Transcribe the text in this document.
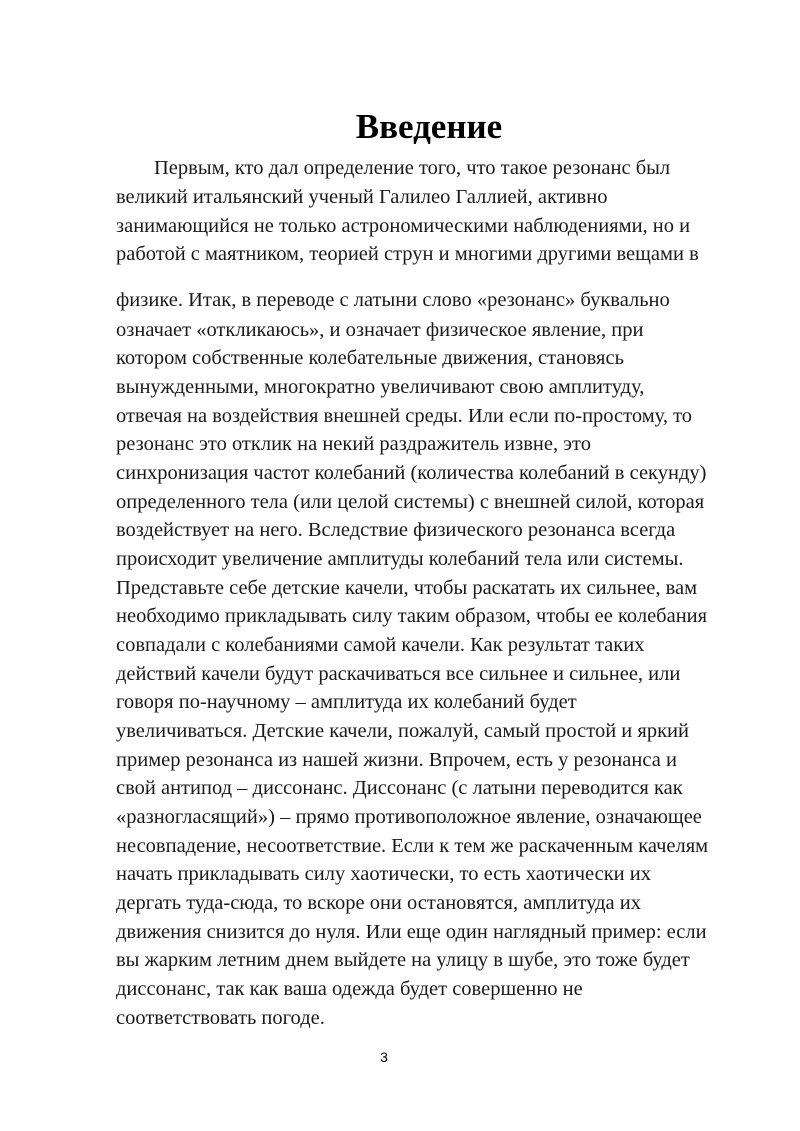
Введение

Первым, кто дал определение того, что такое резонанс был

великий итальянский ученый Галилео Галлией, активно

занимающийся не только астрономическими наблюдениями, но и

работой с маятником, теорией струн и многими другими вещами в

физике. Итак, в переводе с латыни слово «резонанс» буквально

означает «откликаюсь», и означает физическое явление, при

котором собственные колебательные движения, становясь

вынужденными, многократно увеличивают свою амплитуду,

отвечая на воздействия внешней среды. Или если по-простому, то

резонанс это отклик на некий раздражитель извне, это

синхронизация частот колебаний (количества колебаний в секунду)

определенного тела (или целой системы) с внешней силой, которая

воздействует на него. Вследствие физического резонанса всегда

происходит увеличение амплитуды колебаний тела или системы.

Представьте себе детские качели, чтобы раскатать их сильнее, вам

необходимо прикладывать силу таким образом, чтобы ее колебания

совпадали с колебаниями самой качели. Как результат таких

действий качели будут раскачиваться все сильнее и сильнее, или

говоря по-научному – амплитуда их колебаний будет

увеличиваться. Детские качели, пожалуй, самый простой и яркий

пример резонанса из нашей жизни. Впрочем, есть у резонанса и

свой антипод – диссонанс. Диссонанс (с латыни переводится как

«разногласящий») – прямо противоположное явление, означающее

несовпадение, несоответствие. Если к тем же раскаченным качелям

начать прикладывать силу хаотически, то есть хаотически их

дергать туда-сюда, то вскоре они остановятся, амплитуда их

движения снизится до нуля. Или еще один наглядный пример: если

вы жарким летним днем выйдете на улицу в шубе, это тоже будет

диссонанс, так как ваша одежда будет совершенно не

соответствовать погоде.

3
